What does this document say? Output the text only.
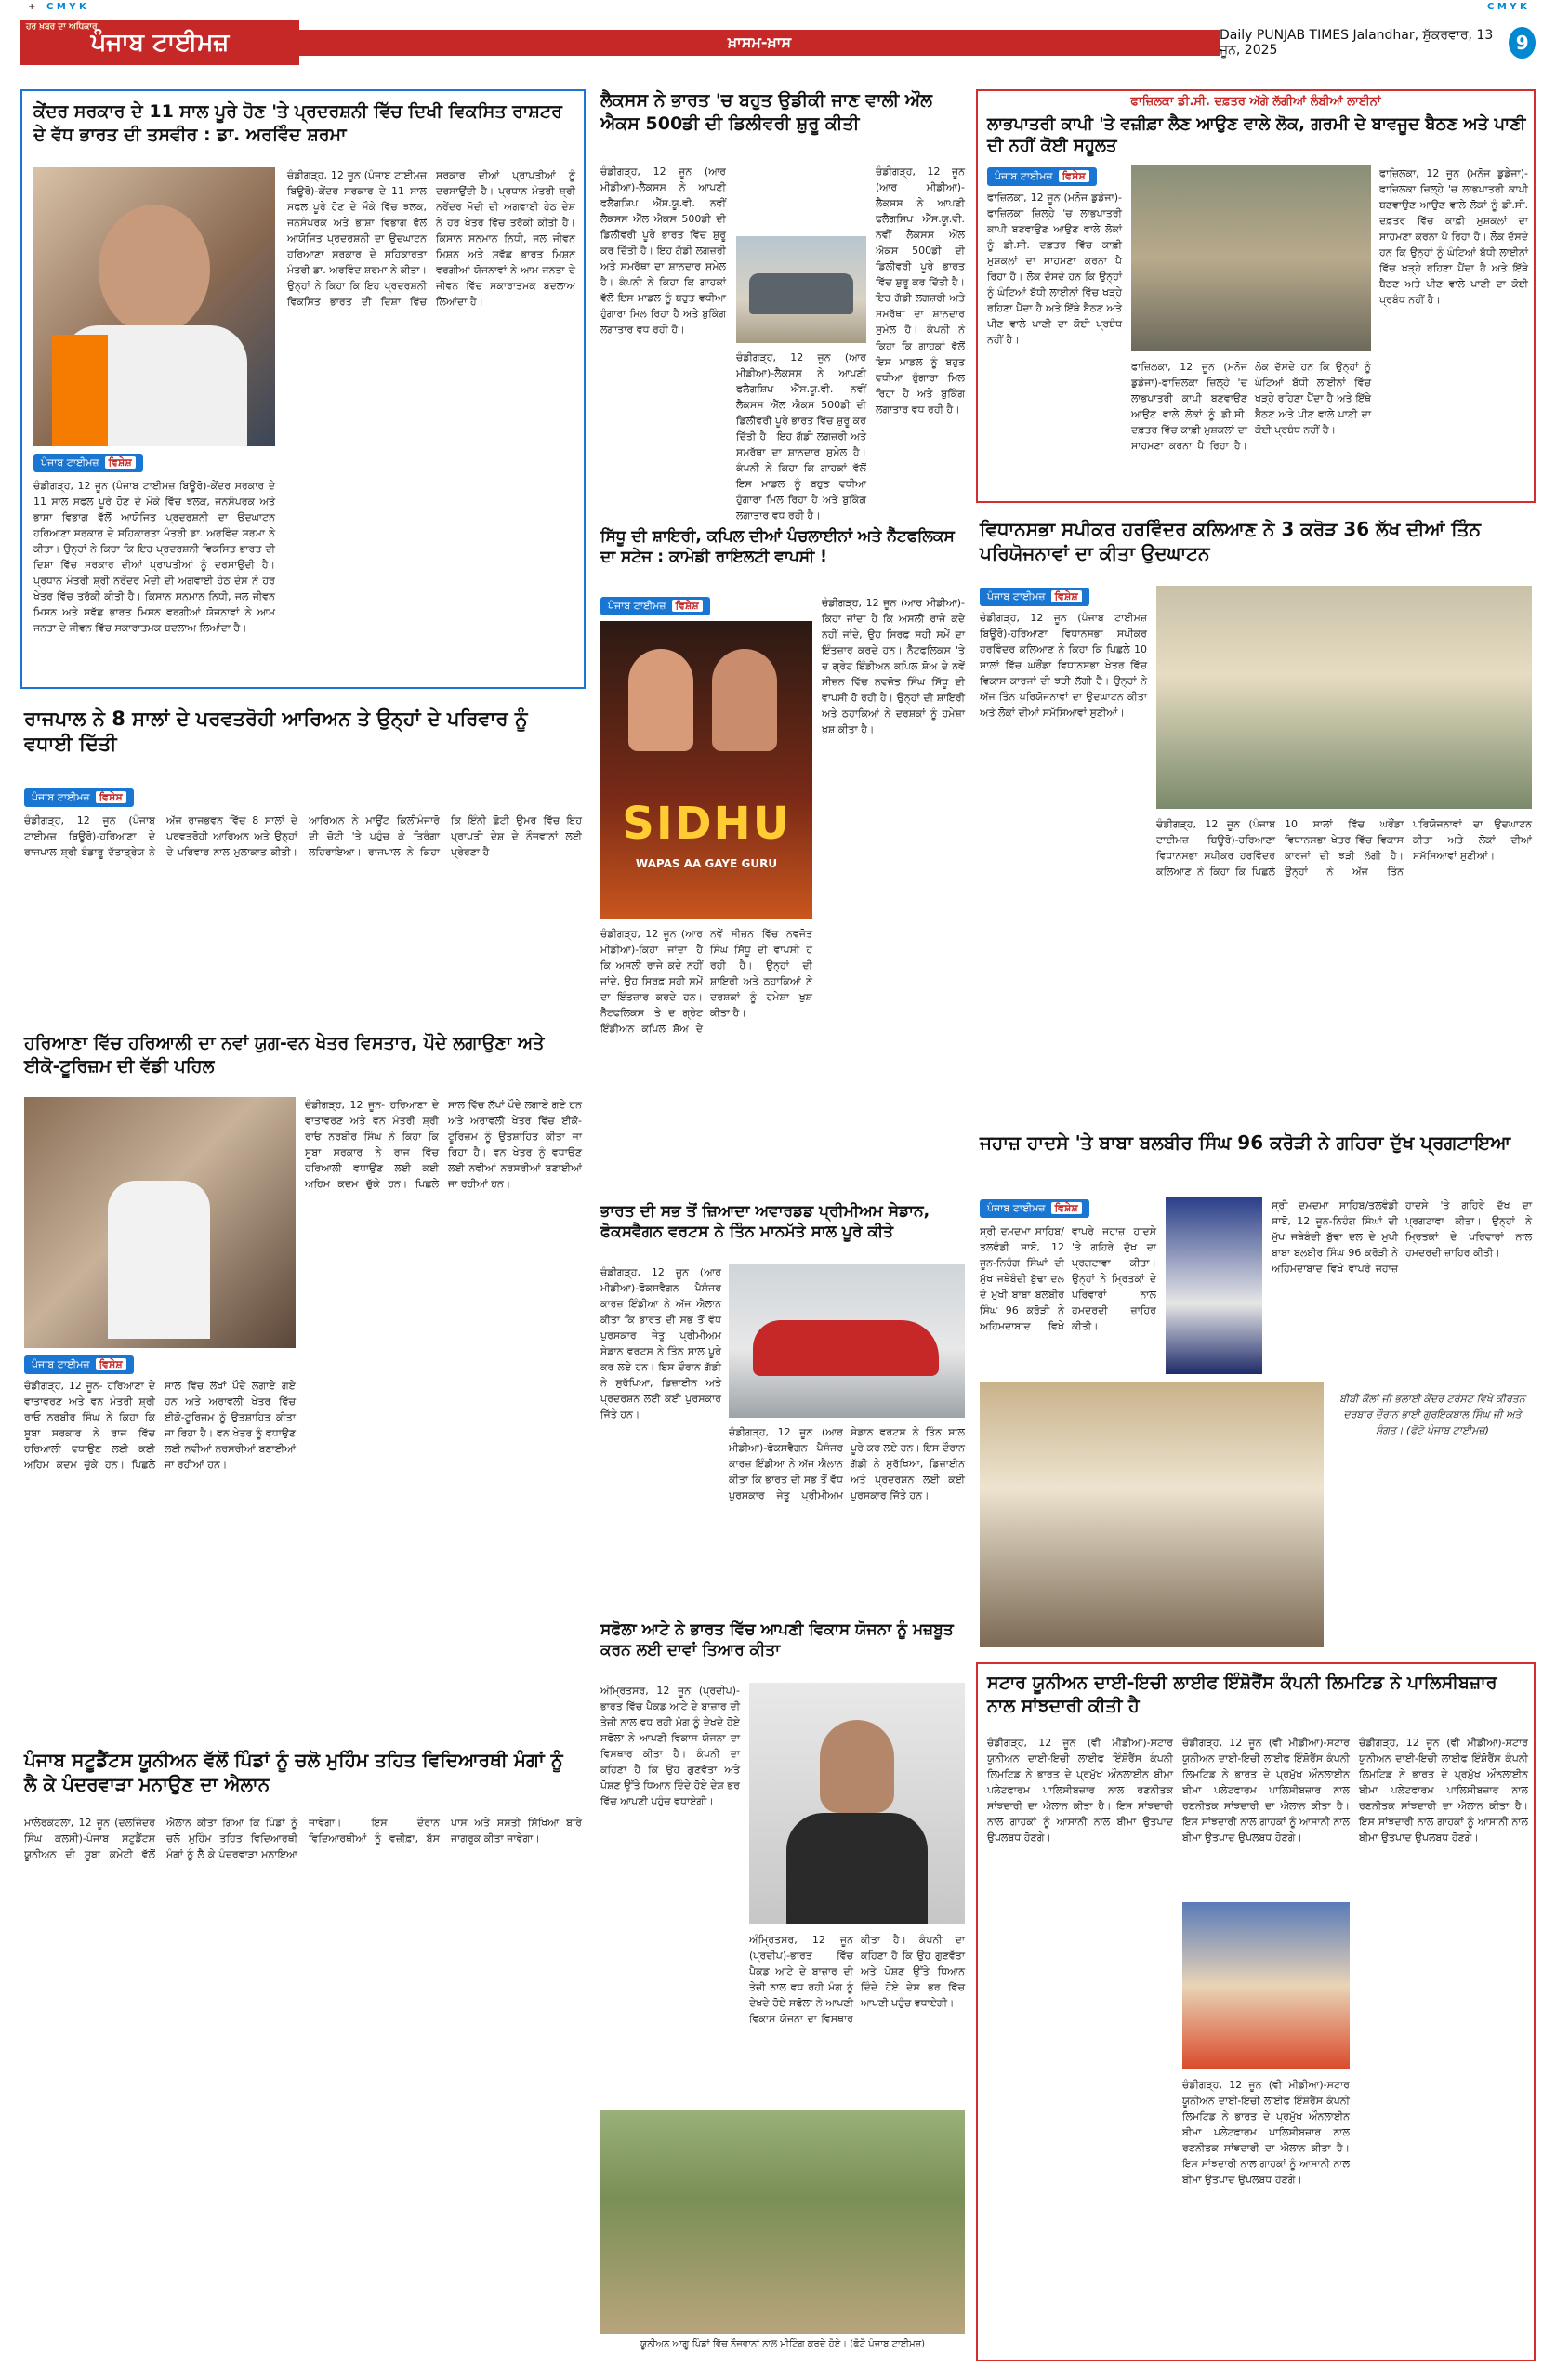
+ C M Y K	C M Y K
ਹਰ ਖ਼ਬਰ ਦਾ ਅਧਿਕਾਰ
ਪੰਜਾਬ ਟਾਈਮਜ਼	ਖ਼ਾਸਮ-ਖ਼ਾਸ	Daily PUNJAB TIMES Jalandhar, ਸ਼ੁੱਕਰਵਾਰ, 13 ਜੂਨ, 2025	9
ਕੇਂਦਰ ਸਰਕਾਰ ਦੇ 11 ਸਾਲ ਪੂਰੇ ਹੋਣ 'ਤੇ ਪ੍ਰਦਰਸ਼ਨੀ ਵਿੱਚ ਦਿਖੀ ਵਿਕਸਿਤ ਰਾਸ਼ਟਰ ਦੇ ਵੱਧ ਭਾਰਤ ਦੀ ਤਸਵੀਰ : ਡਾ. ਅਰਵਿੰਦ ਸ਼ਰਮਾ
ਪੰਜਾਬ ਟਾਈਮਜ਼ ਵਿਸ਼ੇਸ਼
ਚੰਡੀਗੜ੍ਹ, 12 ਜੂਨ (ਪੰਜਾਬ ਟਾਈਮਜ਼ ਬਿਊਰੋ)-ਕੇਂਦਰ ਸਰਕਾਰ ਦੇ 11 ਸਾਲ ਸਫਲ ਪੂਰੇ ਹੋਣ ਦੇ ਮੌਕੇ ਵਿੱਚ ਝਲਕ, ਜਨਸੰਪਰਕ ਅਤੇ ਭਾਸ਼ਾ ਵਿਭਾਗ ਵੱਲੋਂ ਆਯੋਜਿਤ ਪ੍ਰਦਰਸ਼ਨੀ ਦਾ ਉਦਘਾਟਨ ਹਰਿਆਣਾ ਸਰਕਾਰ ਦੇ ਸਹਿਕਾਰਤਾ ਮੰਤਰੀ ਡਾ. ਅਰਵਿੰਦ ਸ਼ਰਮਾ ਨੇ ਕੀਤਾ। ਉਨ੍ਹਾਂ ਨੇ ਕਿਹਾ ਕਿ ਇਹ ਪ੍ਰਦਰਸ਼ਨੀ ਵਿਕਸਿਤ ਭਾਰਤ ਦੀ ਦਿਸ਼ਾ ਵਿੱਚ ਸਰਕਾਰ ਦੀਆਂ ਪ੍ਰਾਪਤੀਆਂ ਨੂੰ ਦਰਸਾਉਂਦੀ ਹੈ। ਪ੍ਰਧਾਨ ਮੰਤਰੀ ਸ਼੍ਰੀ ਨਰੇਂਦਰ ਮੋਦੀ ਦੀ ਅਗਵਾਈ ਹੇਠ ਦੇਸ਼ ਨੇ ਹਰ ਖੇਤਰ ਵਿੱਚ ਤਰੱਕੀ ਕੀਤੀ ਹੈ। ਕਿਸਾਨ ਸਨਮਾਨ ਨਿਧੀ, ਜਲ ਜੀਵਨ ਮਿਸ਼ਨ ਅਤੇ ਸਵੱਛ ਭਾਰਤ ਮਿਸ਼ਨ ਵਰਗੀਆਂ ਯੋਜਨਾਵਾਂ ਨੇ ਆਮ ਜਨਤਾ ਦੇ ਜੀਵਨ ਵਿੱਚ ਸਕਾਰਾਤਮਕ ਬਦਲਾਅ ਲਿਆਂਦਾ ਹੈ।
ਚੰਡੀਗੜ੍ਹ, 12 ਜੂਨ (ਪੰਜਾਬ ਟਾਈਮਜ਼ ਬਿਊਰੋ)-ਕੇਂਦਰ ਸਰਕਾਰ ਦੇ 11 ਸਾਲ ਸਫਲ ਪੂਰੇ ਹੋਣ ਦੇ ਮੌਕੇ ਵਿੱਚ ਝਲਕ, ਜਨਸੰਪਰਕ ਅਤੇ ਭਾਸ਼ਾ ਵਿਭਾਗ ਵੱਲੋਂ ਆਯੋਜਿਤ ਪ੍ਰਦਰਸ਼ਨੀ ਦਾ ਉਦਘਾਟਨ ਹਰਿਆਣਾ ਸਰਕਾਰ ਦੇ ਸਹਿਕਾਰਤਾ ਮੰਤਰੀ ਡਾ. ਅਰਵਿੰਦ ਸ਼ਰਮਾ ਨੇ ਕੀਤਾ। ਉਨ੍ਹਾਂ ਨੇ ਕਿਹਾ ਕਿ ਇਹ ਪ੍ਰਦਰਸ਼ਨੀ ਵਿਕਸਿਤ ਭਾਰਤ ਦੀ ਦਿਸ਼ਾ ਵਿੱਚ ਸਰਕਾਰ ਦੀਆਂ ਪ੍ਰਾਪਤੀਆਂ ਨੂੰ ਦਰਸਾਉਂਦੀ ਹੈ। ਪ੍ਰਧਾਨ ਮੰਤਰੀ ਸ਼੍ਰੀ ਨਰੇਂਦਰ ਮੋਦੀ ਦੀ ਅਗਵਾਈ ਹੇਠ ਦੇਸ਼ ਨੇ ਹਰ ਖੇਤਰ ਵਿੱਚ ਤਰੱਕੀ ਕੀਤੀ ਹੈ। ਕਿਸਾਨ ਸਨਮਾਨ ਨਿਧੀ, ਜਲ ਜੀਵਨ ਮਿਸ਼ਨ ਅਤੇ ਸਵੱਛ ਭਾਰਤ ਮਿਸ਼ਨ ਵਰਗੀਆਂ ਯੋਜਨਾਵਾਂ ਨੇ ਆਮ ਜਨਤਾ ਦੇ ਜੀਵਨ ਵਿੱਚ ਸਕਾਰਾਤਮਕ ਬਦਲਾਅ ਲਿਆਂਦਾ ਹੈ।
ਲੈਕਸਸ ਨੇ ਭਾਰਤ 'ਚ ਬਹੁਤ ਉਡੀਕੀ ਜਾਣ ਵਾਲੀ ਔਲ ਐਕਸ 500ਡੀ ਦੀ ਡਿਲੀਵਰੀ ਸ਼ੁਰੂ ਕੀਤੀ
ਚੰਡੀਗੜ੍ਹ, 12 ਜੂਨ (ਆਰ ਮੀਡੀਆ)-ਲੈਕਸਸ ਨੇ ਆਪਣੀ ਫਲੈਗਸ਼ਿਪ ਐੱਸ.ਯੂ.ਵੀ. ਨਵੀਂ ਲੈਕਸਸ ਐੱਲ ਐਕਸ 500ਡੀ ਦੀ ਡਿਲੀਵਰੀ ਪੂਰੇ ਭਾਰਤ ਵਿੱਚ ਸ਼ੁਰੂ ਕਰ ਦਿੱਤੀ ਹੈ। ਇਹ ਗੱਡੀ ਲਗਜ਼ਰੀ ਅਤੇ ਸਮਰੱਥਾ ਦਾ ਸ਼ਾਨਦਾਰ ਸੁਮੇਲ ਹੈ। ਕੰਪਨੀ ਨੇ ਕਿਹਾ ਕਿ ਗਾਹਕਾਂ ਵੱਲੋਂ ਇਸ ਮਾਡਲ ਨੂੰ ਬਹੁਤ ਵਧੀਆ ਹੁੰਗਾਰਾ ਮਿਲ ਰਿਹਾ ਹੈ ਅਤੇ ਬੁਕਿੰਗ ਲਗਾਤਾਰ ਵਧ ਰਹੀ ਹੈ।
ਚੰਡੀਗੜ੍ਹ, 12 ਜੂਨ (ਆਰ ਮੀਡੀਆ)-ਲੈਕਸਸ ਨੇ ਆਪਣੀ ਫਲੈਗਸ਼ਿਪ ਐੱਸ.ਯੂ.ਵੀ. ਨਵੀਂ ਲੈਕਸਸ ਐੱਲ ਐਕਸ 500ਡੀ ਦੀ ਡਿਲੀਵਰੀ ਪੂਰੇ ਭਾਰਤ ਵਿੱਚ ਸ਼ੁਰੂ ਕਰ ਦਿੱਤੀ ਹੈ। ਇਹ ਗੱਡੀ ਲਗਜ਼ਰੀ ਅਤੇ ਸਮਰੱਥਾ ਦਾ ਸ਼ਾਨਦਾਰ ਸੁਮੇਲ ਹੈ। ਕੰਪਨੀ ਨੇ ਕਿਹਾ ਕਿ ਗਾਹਕਾਂ ਵੱਲੋਂ ਇਸ ਮਾਡਲ ਨੂੰ ਬਹੁਤ ਵਧੀਆ ਹੁੰਗਾਰਾ ਮਿਲ ਰਿਹਾ ਹੈ ਅਤੇ ਬੁਕਿੰਗ ਲਗਾਤਾਰ ਵਧ ਰਹੀ ਹੈ।
ਚੰਡੀਗੜ੍ਹ, 12 ਜੂਨ (ਆਰ ਮੀਡੀਆ)-ਲੈਕਸਸ ਨੇ ਆਪਣੀ ਫਲੈਗਸ਼ਿਪ ਐੱਸ.ਯੂ.ਵੀ. ਨਵੀਂ ਲੈਕਸਸ ਐੱਲ ਐਕਸ 500ਡੀ ਦੀ ਡਿਲੀਵਰੀ ਪੂਰੇ ਭਾਰਤ ਵਿੱਚ ਸ਼ੁਰੂ ਕਰ ਦਿੱਤੀ ਹੈ। ਇਹ ਗੱਡੀ ਲਗਜ਼ਰੀ ਅਤੇ ਸਮਰੱਥਾ ਦਾ ਸ਼ਾਨਦਾਰ ਸੁਮੇਲ ਹੈ। ਕੰਪਨੀ ਨੇ ਕਿਹਾ ਕਿ ਗਾਹਕਾਂ ਵੱਲੋਂ ਇਸ ਮਾਡਲ ਨੂੰ ਬਹੁਤ ਵਧੀਆ ਹੁੰਗਾਰਾ ਮਿਲ ਰਿਹਾ ਹੈ ਅਤੇ ਬੁਕਿੰਗ ਲਗਾਤਾਰ ਵਧ ਰਹੀ ਹੈ।
ਫਾਜ਼ਿਲਕਾ ਡੀ.ਸੀ. ਦਫ਼ਤਰ ਅੱਗੇ ਲੱਗੀਆਂ ਲੰਬੀਆਂ ਲਾਈਨਾਂ
ਲਾਭਪਾਤਰੀ ਕਾਪੀ 'ਤੇ ਵਜ਼ੀਫ਼ਾ ਲੈਣ ਆਉਣ ਵਾਲੇ ਲੋਕ, ਗਰਮੀ ਦੇ ਬਾਵਜੂਦ ਬੈਠਣ ਅਤੇ ਪਾਣੀ ਦੀ ਨਹੀਂ ਕੋਈ ਸਹੂਲਤ
ਪੰਜਾਬ ਟਾਈਮਜ਼ ਵਿਸ਼ੇਸ਼
ਫਾਜ਼ਿਲਕਾ, 12 ਜੂਨ (ਮਨੋਜ ਡੁਡੇਜਾ)-ਫਾਜ਼ਿਲਕਾ ਜ਼ਿਲ੍ਹੇ 'ਚ ਲਾਭਪਾਤਰੀ ਕਾਪੀ ਬਣਵਾਉਣ ਆਉਣ ਵਾਲੇ ਲੋਕਾਂ ਨੂੰ ਡੀ.ਸੀ. ਦਫ਼ਤਰ ਵਿੱਚ ਕਾਫ਼ੀ ਮੁਸ਼ਕਲਾਂ ਦਾ ਸਾਹਮਣਾ ਕਰਨਾ ਪੈ ਰਿਹਾ ਹੈ। ਲੋਕ ਦੱਸਦੇ ਹਨ ਕਿ ਉਨ੍ਹਾਂ ਨੂੰ ਘੰਟਿਆਂ ਬੱਧੀ ਲਾਈਨਾਂ ਵਿੱਚ ਖੜ੍ਹੇ ਰਹਿਣਾ ਪੈਂਦਾ ਹੈ ਅਤੇ ਇੱਥੇ ਬੈਠਣ ਅਤੇ ਪੀਣ ਵਾਲੇ ਪਾਣੀ ਦਾ ਕੋਈ ਪ੍ਰਬੰਧ ਨਹੀਂ ਹੈ।
ਫਾਜ਼ਿਲਕਾ, 12 ਜੂਨ (ਮਨੋਜ ਡੁਡੇਜਾ)-ਫਾਜ਼ਿਲਕਾ ਜ਼ਿਲ੍ਹੇ 'ਚ ਲਾਭਪਾਤਰੀ ਕਾਪੀ ਬਣਵਾਉਣ ਆਉਣ ਵਾਲੇ ਲੋਕਾਂ ਨੂੰ ਡੀ.ਸੀ. ਦਫ਼ਤਰ ਵਿੱਚ ਕਾਫ਼ੀ ਮੁਸ਼ਕਲਾਂ ਦਾ ਸਾਹਮਣਾ ਕਰਨਾ ਪੈ ਰਿਹਾ ਹੈ। ਲੋਕ ਦੱਸਦੇ ਹਨ ਕਿ ਉਨ੍ਹਾਂ ਨੂੰ ਘੰਟਿਆਂ ਬੱਧੀ ਲਾਈਨਾਂ ਵਿੱਚ ਖੜ੍ਹੇ ਰਹਿਣਾ ਪੈਂਦਾ ਹੈ ਅਤੇ ਇੱਥੇ ਬੈਠਣ ਅਤੇ ਪੀਣ ਵਾਲੇ ਪਾਣੀ ਦਾ ਕੋਈ ਪ੍ਰਬੰਧ ਨਹੀਂ ਹੈ।
ਫਾਜ਼ਿਲਕਾ, 12 ਜੂਨ (ਮਨੋਜ ਡੁਡੇਜਾ)-ਫਾਜ਼ਿਲਕਾ ਜ਼ਿਲ੍ਹੇ 'ਚ ਲਾਭਪਾਤਰੀ ਕਾਪੀ ਬਣਵਾਉਣ ਆਉਣ ਵਾਲੇ ਲੋਕਾਂ ਨੂੰ ਡੀ.ਸੀ. ਦਫ਼ਤਰ ਵਿੱਚ ਕਾਫ਼ੀ ਮੁਸ਼ਕਲਾਂ ਦਾ ਸਾਹਮਣਾ ਕਰਨਾ ਪੈ ਰਿਹਾ ਹੈ। ਲੋਕ ਦੱਸਦੇ ਹਨ ਕਿ ਉਨ੍ਹਾਂ ਨੂੰ ਘੰਟਿਆਂ ਬੱਧੀ ਲਾਈਨਾਂ ਵਿੱਚ ਖੜ੍ਹੇ ਰਹਿਣਾ ਪੈਂਦਾ ਹੈ ਅਤੇ ਇੱਥੇ ਬੈਠਣ ਅਤੇ ਪੀਣ ਵਾਲੇ ਪਾਣੀ ਦਾ ਕੋਈ ਪ੍ਰਬੰਧ ਨਹੀਂ ਹੈ।
ਰਾਜਪਾਲ ਨੇ 8 ਸਾਲਾਂ ਦੇ ਪਰਵਤਰੋਹੀ ਆਰਿਅਨ ਤੇ ਉਨ੍ਹਾਂ ਦੇ ਪਰਿਵਾਰ ਨੂੰ ਵਧਾਈ ਦਿੱਤੀ
ਪੰਜਾਬ ਟਾਈਮਜ਼ ਵਿਸ਼ੇਸ਼
ਚੰਡੀਗੜ੍ਹ, 12 ਜੂਨ (ਪੰਜਾਬ ਟਾਈਮਜ਼ ਬਿਊਰੋ)-ਹਰਿਆਣਾ ਦੇ ਰਾਜਪਾਲ ਸ਼੍ਰੀ ਬੰਡਾਰੂ ਦੱਤਾਤ੍ਰੇਯ ਨੇ ਅੱਜ ਰਾਜਭਵਨ ਵਿੱਚ 8 ਸਾਲਾਂ ਦੇ ਪਰਵਤਰੋਹੀ ਆਰਿਅਨ ਅਤੇ ਉਨ੍ਹਾਂ ਦੇ ਪਰਿਵਾਰ ਨਾਲ ਮੁਲਾਕਾਤ ਕੀਤੀ। ਆਰਿਅਨ ਨੇ ਮਾਊਂਟ ਕਿਲੀਮੰਜਾਰੋ ਦੀ ਚੋਟੀ 'ਤੇ ਪਹੁੰਚ ਕੇ ਤਿਰੰਗਾ ਲਹਿਰਾਇਆ। ਰਾਜਪਾਲ ਨੇ ਕਿਹਾ ਕਿ ਇੰਨੀ ਛੋਟੀ ਉਮਰ ਵਿੱਚ ਇਹ ਪ੍ਰਾਪਤੀ ਦੇਸ਼ ਦੇ ਨੌਜਵਾਨਾਂ ਲਈ ਪ੍ਰੇਰਣਾ ਹੈ।
ਹਰਿਆਣਾ ਵਿੱਚ ਹਰਿਆਲੀ ਦਾ ਨਵਾਂ ਯੁਗ-ਵਨ ਖੇਤਰ ਵਿਸਤਾਰ, ਪੌਦੇ ਲਗਾਉਣਾ ਅਤੇ ਈਕੋ-ਟੂਰਿਜ਼ਮ ਦੀ ਵੱਡੀ ਪਹਿਲ
ਪੰਜਾਬ ਟਾਈਮਜ਼ ਵਿਸ਼ੇਸ਼
ਚੰਡੀਗੜ੍ਹ, 12 ਜੂਨ- ਹਰਿਆਣਾ ਦੇ ਵਾਤਾਵਰਣ ਅਤੇ ਵਨ ਮੰਤਰੀ ਸ਼੍ਰੀ ਰਾਓ ਨਰਬੀਰ ਸਿੰਘ ਨੇ ਕਿਹਾ ਕਿ ਸੂਬਾ ਸਰਕਾਰ ਨੇ ਰਾਜ ਵਿੱਚ ਹਰਿਆਲੀ ਵਧਾਉਣ ਲਈ ਕਈ ਅਹਿਮ ਕਦਮ ਚੁੱਕੇ ਹਨ। ਪਿਛਲੇ ਸਾਲ ਵਿੱਚ ਲੱਖਾਂ ਪੌਦੇ ਲਗਾਏ ਗਏ ਹਨ ਅਤੇ ਅਰਾਵਲੀ ਖੇਤਰ ਵਿੱਚ ਈਕੋ-ਟੂਰਿਜ਼ਮ ਨੂੰ ਉਤਸ਼ਾਹਿਤ ਕੀਤਾ ਜਾ ਰਿਹਾ ਹੈ। ਵਨ ਖੇਤਰ ਨੂੰ ਵਧਾਉਣ ਲਈ ਨਵੀਆਂ ਨਰਸਰੀਆਂ ਬਣਾਈਆਂ ਜਾ ਰਹੀਆਂ ਹਨ।
ਚੰਡੀਗੜ੍ਹ, 12 ਜੂਨ- ਹਰਿਆਣਾ ਦੇ ਵਾਤਾਵਰਣ ਅਤੇ ਵਨ ਮੰਤਰੀ ਸ਼੍ਰੀ ਰਾਓ ਨਰਬੀਰ ਸਿੰਘ ਨੇ ਕਿਹਾ ਕਿ ਸੂਬਾ ਸਰਕਾਰ ਨੇ ਰਾਜ ਵਿੱਚ ਹਰਿਆਲੀ ਵਧਾਉਣ ਲਈ ਕਈ ਅਹਿਮ ਕਦਮ ਚੁੱਕੇ ਹਨ। ਪਿਛਲੇ ਸਾਲ ਵਿੱਚ ਲੱਖਾਂ ਪੌਦੇ ਲਗਾਏ ਗਏ ਹਨ ਅਤੇ ਅਰਾਵਲੀ ਖੇਤਰ ਵਿੱਚ ਈਕੋ-ਟੂਰਿਜ਼ਮ ਨੂੰ ਉਤਸ਼ਾਹਿਤ ਕੀਤਾ ਜਾ ਰਿਹਾ ਹੈ। ਵਨ ਖੇਤਰ ਨੂੰ ਵਧਾਉਣ ਲਈ ਨਵੀਆਂ ਨਰਸਰੀਆਂ ਬਣਾਈਆਂ ਜਾ ਰਹੀਆਂ ਹਨ।
ਸਿੱਧੂ ਦੀ ਸ਼ਾਇਰੀ, ਕਪਿਲ ਦੀਆਂ ਪੰਚਲਾਈਨਾਂ ਅਤੇ ਨੈੱਟਫਲਿਕਸ ਦਾ ਸਟੇਜ : ਕਾਮੇਡੀ ਰਾਇਲਟੀ ਵਾਪਸੀ !
ਪੰਜਾਬ ਟਾਈਮਜ਼ ਵਿਸ਼ੇਸ਼
SIDHU
WAPAS AA GAYE GURU
ਚੰਡੀਗੜ੍ਹ, 12 ਜੂਨ (ਆਰ ਮੀਡੀਆ)-ਕਿਹਾ ਜਾਂਦਾ ਹੈ ਕਿ ਅਸਲੀ ਰਾਜੇ ਕਦੇ ਨਹੀਂ ਜਾਂਦੇ, ਉਹ ਸਿਰਫ਼ ਸਹੀ ਸਮੇਂ ਦਾ ਇੰਤਜ਼ਾਰ ਕਰਦੇ ਹਨ। ਨੈੱਟਫਲਿਕਸ 'ਤੇ ਦ ਗ੍ਰੇਟ ਇੰਡੀਅਨ ਕਪਿਲ ਸ਼ੋਅ ਦੇ ਨਵੇਂ ਸੀਜ਼ਨ ਵਿੱਚ ਨਵਜੋਤ ਸਿੰਘ ਸਿੱਧੂ ਦੀ ਵਾਪਸੀ ਹੋ ਰਹੀ ਹੈ। ਉਨ੍ਹਾਂ ਦੀ ਸ਼ਾਇਰੀ ਅਤੇ ਠਹਾਕਿਆਂ ਨੇ ਦਰਸ਼ਕਾਂ ਨੂੰ ਹਮੇਸ਼ਾ ਖੁਸ਼ ਕੀਤਾ ਹੈ।
ਚੰਡੀਗੜ੍ਹ, 12 ਜੂਨ (ਆਰ ਮੀਡੀਆ)-ਕਿਹਾ ਜਾਂਦਾ ਹੈ ਕਿ ਅਸਲੀ ਰਾਜੇ ਕਦੇ ਨਹੀਂ ਜਾਂਦੇ, ਉਹ ਸਿਰਫ਼ ਸਹੀ ਸਮੇਂ ਦਾ ਇੰਤਜ਼ਾਰ ਕਰਦੇ ਹਨ। ਨੈੱਟਫਲਿਕਸ 'ਤੇ ਦ ਗ੍ਰੇਟ ਇੰਡੀਅਨ ਕਪਿਲ ਸ਼ੋਅ ਦੇ ਨਵੇਂ ਸੀਜ਼ਨ ਵਿੱਚ ਨਵਜੋਤ ਸਿੰਘ ਸਿੱਧੂ ਦੀ ਵਾਪਸੀ ਹੋ ਰਹੀ ਹੈ। ਉਨ੍ਹਾਂ ਦੀ ਸ਼ਾਇਰੀ ਅਤੇ ਠਹਾਕਿਆਂ ਨੇ ਦਰਸ਼ਕਾਂ ਨੂੰ ਹਮੇਸ਼ਾ ਖੁਸ਼ ਕੀਤਾ ਹੈ।
ਭਾਰਤ ਦੀ ਸਭ ਤੋਂ ਜ਼ਿਆਦਾ ਅਵਾਰਡਡ ਪ੍ਰੀਮੀਅਮ ਸੇਡਾਨ, ਫੋਕਸਵੈਗਨ ਵਰਟਸ ਨੇ ਤਿੰਨ ਮਾਨਮੱਤੇ ਸਾਲ ਪੂਰੇ ਕੀਤੇ
ਚੰਡੀਗੜ੍ਹ, 12 ਜੂਨ (ਆਰ ਮੀਡੀਆ)-ਫੋਕਸਵੈਗਨ ਪੈਸੰਜਰ ਕਾਰਜ਼ ਇੰਡੀਆ ਨੇ ਅੱਜ ਐਲਾਨ ਕੀਤਾ ਕਿ ਭਾਰਤ ਦੀ ਸਭ ਤੋਂ ਵੱਧ ਪੁਰਸਕਾਰ ਜੇਤੂ ਪ੍ਰੀਮੀਅਮ ਸੇਡਾਨ ਵਰਟਸ ਨੇ ਤਿੰਨ ਸਾਲ ਪੂਰੇ ਕਰ ਲਏ ਹਨ। ਇਸ ਦੌਰਾਨ ਗੱਡੀ ਨੇ ਸੁਰੱਖਿਆ, ਡਿਜ਼ਾਈਨ ਅਤੇ ਪ੍ਰਦਰਸ਼ਨ ਲਈ ਕਈ ਪੁਰਸਕਾਰ ਜਿੱਤੇ ਹਨ।
ਚੰਡੀਗੜ੍ਹ, 12 ਜੂਨ (ਆਰ ਮੀਡੀਆ)-ਫੋਕਸਵੈਗਨ ਪੈਸੰਜਰ ਕਾਰਜ਼ ਇੰਡੀਆ ਨੇ ਅੱਜ ਐਲਾਨ ਕੀਤਾ ਕਿ ਭਾਰਤ ਦੀ ਸਭ ਤੋਂ ਵੱਧ ਪੁਰਸਕਾਰ ਜੇਤੂ ਪ੍ਰੀਮੀਅਮ ਸੇਡਾਨ ਵਰਟਸ ਨੇ ਤਿੰਨ ਸਾਲ ਪੂਰੇ ਕਰ ਲਏ ਹਨ। ਇਸ ਦੌਰਾਨ ਗੱਡੀ ਨੇ ਸੁਰੱਖਿਆ, ਡਿਜ਼ਾਈਨ ਅਤੇ ਪ੍ਰਦਰਸ਼ਨ ਲਈ ਕਈ ਪੁਰਸਕਾਰ ਜਿੱਤੇ ਹਨ।
ਵਿਧਾਨਸਭਾ ਸਪੀਕਰ ਹਰਵਿੰਦਰ ਕਲਿਆਣ ਨੇ 3 ਕਰੋੜ 36 ਲੱਖ ਦੀਆਂ ਤਿੰਨ ਪਰਿਯੋਜਨਾਵਾਂ ਦਾ ਕੀਤਾ ਉਦਘਾਟਨ
ਪੰਜਾਬ ਟਾਈਮਜ਼ ਵਿਸ਼ੇਸ਼
ਚੰਡੀਗੜ੍ਹ, 12 ਜੂਨ (ਪੰਜਾਬ ਟਾਈਮਜ਼ ਬਿਊਰੋ)-ਹਰਿਆਣਾ ਵਿਧਾਨਸਭਾ ਸਪੀਕਰ ਹਰਵਿੰਦਰ ਕਲਿਆਣ ਨੇ ਕਿਹਾ ਕਿ ਪਿਛਲੇ 10 ਸਾਲਾਂ ਵਿੱਚ ਘਰੌਂਡਾ ਵਿਧਾਨਸਭਾ ਖੇਤਰ ਵਿੱਚ ਵਿਕਾਸ ਕਾਰਜਾਂ ਦੀ ਝੜੀ ਲੱਗੀ ਹੈ। ਉਨ੍ਹਾਂ ਨੇ ਅੱਜ ਤਿੰਨ ਪਰਿਯੋਜਨਾਵਾਂ ਦਾ ਉਦਘਾਟਨ ਕੀਤਾ ਅਤੇ ਲੋਕਾਂ ਦੀਆਂ ਸਮੱਸਿਆਵਾਂ ਸੁਣੀਆਂ।
ਚੰਡੀਗੜ੍ਹ, 12 ਜੂਨ (ਪੰਜਾਬ ਟਾਈਮਜ਼ ਬਿਊਰੋ)-ਹਰਿਆਣਾ ਵਿਧਾਨਸਭਾ ਸਪੀਕਰ ਹਰਵਿੰਦਰ ਕਲਿਆਣ ਨੇ ਕਿਹਾ ਕਿ ਪਿਛਲੇ 10 ਸਾਲਾਂ ਵਿੱਚ ਘਰੌਂਡਾ ਵਿਧਾਨਸਭਾ ਖੇਤਰ ਵਿੱਚ ਵਿਕਾਸ ਕਾਰਜਾਂ ਦੀ ਝੜੀ ਲੱਗੀ ਹੈ। ਉਨ੍ਹਾਂ ਨੇ ਅੱਜ ਤਿੰਨ ਪਰਿਯੋਜਨਾਵਾਂ ਦਾ ਉਦਘਾਟਨ ਕੀਤਾ ਅਤੇ ਲੋਕਾਂ ਦੀਆਂ ਸਮੱਸਿਆਵਾਂ ਸੁਣੀਆਂ।
ਜਹਾਜ਼ ਹਾਦਸੇ 'ਤੇ ਬਾਬਾ ਬਲਬੀਰ ਸਿੰਘ 96 ਕਰੋੜੀ ਨੇ ਗਹਿਰਾ ਦੁੱਖ ਪ੍ਰਗਟਾਇਆ
ਪੰਜਾਬ ਟਾਈਮਜ਼ ਵਿਸ਼ੇਸ਼
ਸ੍ਰੀ ਦਮਦਮਾ ਸਾਹਿਬ/ਤਲਵੰਡੀ ਸਾਬੋ, 12 ਜੂਨ-ਨਿਹੰਗ ਸਿੰਘਾਂ ਦੀ ਮੁੱਖ ਜਥੇਬੰਦੀ ਬੁੱਢਾ ਦਲ ਦੇ ਮੁਖੀ ਬਾਬਾ ਬਲਬੀਰ ਸਿੰਘ 96 ਕਰੋੜੀ ਨੇ ਅਹਿਮਦਾਬਾਦ ਵਿਖੇ ਵਾਪਰੇ ਜਹਾਜ਼ ਹਾਦਸੇ 'ਤੇ ਗਹਿਰੇ ਦੁੱਖ ਦਾ ਪ੍ਰਗਟਾਵਾ ਕੀਤਾ। ਉਨ੍ਹਾਂ ਨੇ ਮ੍ਰਿਤਕਾਂ ਦੇ ਪਰਿਵਾਰਾਂ ਨਾਲ ਹਮਦਰਦੀ ਜ਼ਾਹਿਰ ਕੀਤੀ।
ਸ੍ਰੀ ਦਮਦਮਾ ਸਾਹਿਬ/ਤਲਵੰਡੀ ਸਾਬੋ, 12 ਜੂਨ-ਨਿਹੰਗ ਸਿੰਘਾਂ ਦੀ ਮੁੱਖ ਜਥੇਬੰਦੀ ਬੁੱਢਾ ਦਲ ਦੇ ਮੁਖੀ ਬਾਬਾ ਬਲਬੀਰ ਸਿੰਘ 96 ਕਰੋੜੀ ਨੇ ਅਹਿਮਦਾਬਾਦ ਵਿਖੇ ਵਾਪਰੇ ਜਹਾਜ਼ ਹਾਦਸੇ 'ਤੇ ਗਹਿਰੇ ਦੁੱਖ ਦਾ ਪ੍ਰਗਟਾਵਾ ਕੀਤਾ। ਉਨ੍ਹਾਂ ਨੇ ਮ੍ਰਿਤਕਾਂ ਦੇ ਪਰਿਵਾਰਾਂ ਨਾਲ ਹਮਦਰਦੀ ਜ਼ਾਹਿਰ ਕੀਤੀ।
ਬੀਬੀ ਕੌਲਾਂ ਜੀ ਭਲਾਈ ਕੇਂਦਰ ਟਰੱਸਟ ਵਿਖੇ ਕੀਰਤਨ ਦਰਬਾਰ ਦੌਰਾਨ ਭਾਈ ਗੁਰਇਕਬਾਲ ਸਿੰਘ ਜੀ ਅਤੇ ਸੰਗਤ। (ਫੋਟੋ ਪੰਜਾਬ ਟਾਈਮਜ਼)
ਪੰਜਾਬ ਸਟੂਡੈਂਟਸ ਯੂਨੀਅਨ ਵੱਲੋਂ ਪਿੰਡਾਂ ਨੂੰ ਚਲੋ ਮੁਹਿੰਮ ਤਹਿਤ ਵਿਦਿਆਰਥੀ ਮੰਗਾਂ ਨੂੰ ਲੈ ਕੇ ਪੰਦਰਵਾੜਾ ਮਨਾਉਣ ਦਾ ਐਲਾਨ
ਮਾਲੇਰਕੋਟਲਾ, 12 ਜੂਨ (ਦਲਜਿੰਦਰ ਸਿੰਘ ਕਲਸੀ)-ਪੰਜਾਬ ਸਟੂਡੈਂਟਸ ਯੂਨੀਅਨ ਦੀ ਸੂਬਾ ਕਮੇਟੀ ਵੱਲੋਂ ਐਲਾਨ ਕੀਤਾ ਗਿਆ ਕਿ ਪਿੰਡਾਂ ਨੂੰ ਚਲੋ ਮੁਹਿੰਮ ਤਹਿਤ ਵਿਦਿਆਰਥੀ ਮੰਗਾਂ ਨੂੰ ਲੈ ਕੇ ਪੰਦਰਵਾੜਾ ਮਨਾਇਆ ਜਾਵੇਗਾ। ਇਸ ਦੌਰਾਨ ਵਿਦਿਆਰਥੀਆਂ ਨੂੰ ਵਜ਼ੀਫ਼ਾ, ਬੱਸ ਪਾਸ ਅਤੇ ਸਸਤੀ ਸਿੱਖਿਆ ਬਾਰੇ ਜਾਗਰੂਕ ਕੀਤਾ ਜਾਵੇਗਾ।
ਸਫੋਲਾ ਆਟੇ ਨੇ ਭਾਰਤ ਵਿੱਚ ਆਪਣੀ ਵਿਕਾਸ ਯੋਜਨਾ ਨੂੰ ਮਜ਼ਬੂਤ ਕਰਨ ਲਈ ਦਾਵਾਂ ਤਿਆਰ ਕੀਤਾ
ਅੰਮ੍ਰਿਤਸਰ, 12 ਜੂਨ (ਪ੍ਰਦੀਪ)-ਭਾਰਤ ਵਿੱਚ ਪੈਕਡ ਆਟੇ ਦੇ ਬਾਜ਼ਾਰ ਦੀ ਤੇਜ਼ੀ ਨਾਲ ਵਧ ਰਹੀ ਮੰਗ ਨੂੰ ਦੇਖਦੇ ਹੋਏ ਸਫੋਲਾ ਨੇ ਆਪਣੀ ਵਿਕਾਸ ਯੋਜਨਾ ਦਾ ਵਿਸਥਾਰ ਕੀਤਾ ਹੈ। ਕੰਪਨੀ ਦਾ ਕਹਿਣਾ ਹੈ ਕਿ ਉਹ ਗੁਣਵੱਤਾ ਅਤੇ ਪੋਸ਼ਣ ਉੱਤੇ ਧਿਆਨ ਦਿੰਦੇ ਹੋਏ ਦੇਸ਼ ਭਰ ਵਿੱਚ ਆਪਣੀ ਪਹੁੰਚ ਵਧਾਏਗੀ।
ਅੰਮ੍ਰਿਤਸਰ, 12 ਜੂਨ (ਪ੍ਰਦੀਪ)-ਭਾਰਤ ਵਿੱਚ ਪੈਕਡ ਆਟੇ ਦੇ ਬਾਜ਼ਾਰ ਦੀ ਤੇਜ਼ੀ ਨਾਲ ਵਧ ਰਹੀ ਮੰਗ ਨੂੰ ਦੇਖਦੇ ਹੋਏ ਸਫੋਲਾ ਨੇ ਆਪਣੀ ਵਿਕਾਸ ਯੋਜਨਾ ਦਾ ਵਿਸਥਾਰ ਕੀਤਾ ਹੈ। ਕੰਪਨੀ ਦਾ ਕਹਿਣਾ ਹੈ ਕਿ ਉਹ ਗੁਣਵੱਤਾ ਅਤੇ ਪੋਸ਼ਣ ਉੱਤੇ ਧਿਆਨ ਦਿੰਦੇ ਹੋਏ ਦੇਸ਼ ਭਰ ਵਿੱਚ ਆਪਣੀ ਪਹੁੰਚ ਵਧਾਏਗੀ।
ਯੂਨੀਅਨ ਆਗੂ ਪਿੰਡਾਂ ਵਿੱਚ ਨੌਜਵਾਨਾਂ ਨਾਲ ਮੀਟਿੰਗ ਕਰਦੇ ਹੋਏ। (ਫੋਟੋ ਪੰਜਾਬ ਟਾਈਮਜ਼)
ਸਟਾਰ ਯੂਨੀਅਨ ਦਾਈ-ਇਚੀ ਲਾਈਫ ਇੰਸ਼ੋਰੈਂਸ ਕੰਪਨੀ ਲਿਮਟਿਡ ਨੇ ਪਾਲਿਸੀਬਜ਼ਾਰ ਨਾਲ ਸਾਂਝਦਾਰੀ ਕੀਤੀ ਹੈ
ਚੰਡੀਗੜ੍ਹ, 12 ਜੂਨ (ਵੀ ਮੀਡੀਆ)-ਸਟਾਰ ਯੂਨੀਅਨ ਦਾਈ-ਇਚੀ ਲਾਈਫ ਇੰਸ਼ੋਰੈਂਸ ਕੰਪਨੀ ਲਿਮਟਿਡ ਨੇ ਭਾਰਤ ਦੇ ਪ੍ਰਮੁੱਖ ਔਨਲਾਈਨ ਬੀਮਾ ਪਲੇਟਫਾਰਮ ਪਾਲਿਸੀਬਜ਼ਾਰ ਨਾਲ ਰਣਨੀਤਕ ਸਾਂਝਦਾਰੀ ਦਾ ਐਲਾਨ ਕੀਤਾ ਹੈ। ਇਸ ਸਾਂਝਦਾਰੀ ਨਾਲ ਗਾਹਕਾਂ ਨੂੰ ਆਸਾਨੀ ਨਾਲ ਬੀਮਾ ਉਤਪਾਦ ਉਪਲਬਧ ਹੋਣਗੇ।
ਚੰਡੀਗੜ੍ਹ, 12 ਜੂਨ (ਵੀ ਮੀਡੀਆ)-ਸਟਾਰ ਯੂਨੀਅਨ ਦਾਈ-ਇਚੀ ਲਾਈਫ ਇੰਸ਼ੋਰੈਂਸ ਕੰਪਨੀ ਲਿਮਟਿਡ ਨੇ ਭਾਰਤ ਦੇ ਪ੍ਰਮੁੱਖ ਔਨਲਾਈਨ ਬੀਮਾ ਪਲੇਟਫਾਰਮ ਪਾਲਿਸੀਬਜ਼ਾਰ ਨਾਲ ਰਣਨੀਤਕ ਸਾਂਝਦਾਰੀ ਦਾ ਐਲਾਨ ਕੀਤਾ ਹੈ। ਇਸ ਸਾਂਝਦਾਰੀ ਨਾਲ ਗਾਹਕਾਂ ਨੂੰ ਆਸਾਨੀ ਨਾਲ ਬੀਮਾ ਉਤਪਾਦ ਉਪਲਬਧ ਹੋਣਗੇ।
ਚੰਡੀਗੜ੍ਹ, 12 ਜੂਨ (ਵੀ ਮੀਡੀਆ)-ਸਟਾਰ ਯੂਨੀਅਨ ਦਾਈ-ਇਚੀ ਲਾਈਫ ਇੰਸ਼ੋਰੈਂਸ ਕੰਪਨੀ ਲਿਮਟਿਡ ਨੇ ਭਾਰਤ ਦੇ ਪ੍ਰਮੁੱਖ ਔਨਲਾਈਨ ਬੀਮਾ ਪਲੇਟਫਾਰਮ ਪਾਲਿਸੀਬਜ਼ਾਰ ਨਾਲ ਰਣਨੀਤਕ ਸਾਂਝਦਾਰੀ ਦਾ ਐਲਾਨ ਕੀਤਾ ਹੈ। ਇਸ ਸਾਂਝਦਾਰੀ ਨਾਲ ਗਾਹਕਾਂ ਨੂੰ ਆਸਾਨੀ ਨਾਲ ਬੀਮਾ ਉਤਪਾਦ ਉਪਲਬਧ ਹੋਣਗੇ।
ਚੰਡੀਗੜ੍ਹ, 12 ਜੂਨ (ਵੀ ਮੀਡੀਆ)-ਸਟਾਰ ਯੂਨੀਅਨ ਦਾਈ-ਇਚੀ ਲਾਈਫ ਇੰਸ਼ੋਰੈਂਸ ਕੰਪਨੀ ਲਿਮਟਿਡ ਨੇ ਭਾਰਤ ਦੇ ਪ੍ਰਮੁੱਖ ਔਨਲਾਈਨ ਬੀਮਾ ਪਲੇਟਫਾਰਮ ਪਾਲਿਸੀਬਜ਼ਾਰ ਨਾਲ ਰਣਨੀਤਕ ਸਾਂਝਦਾਰੀ ਦਾ ਐਲਾਨ ਕੀਤਾ ਹੈ। ਇਸ ਸਾਂਝਦਾਰੀ ਨਾਲ ਗਾਹਕਾਂ ਨੂੰ ਆਸਾਨੀ ਨਾਲ ਬੀਮਾ ਉਤਪਾਦ ਉਪਲਬਧ ਹੋਣਗੇ।
